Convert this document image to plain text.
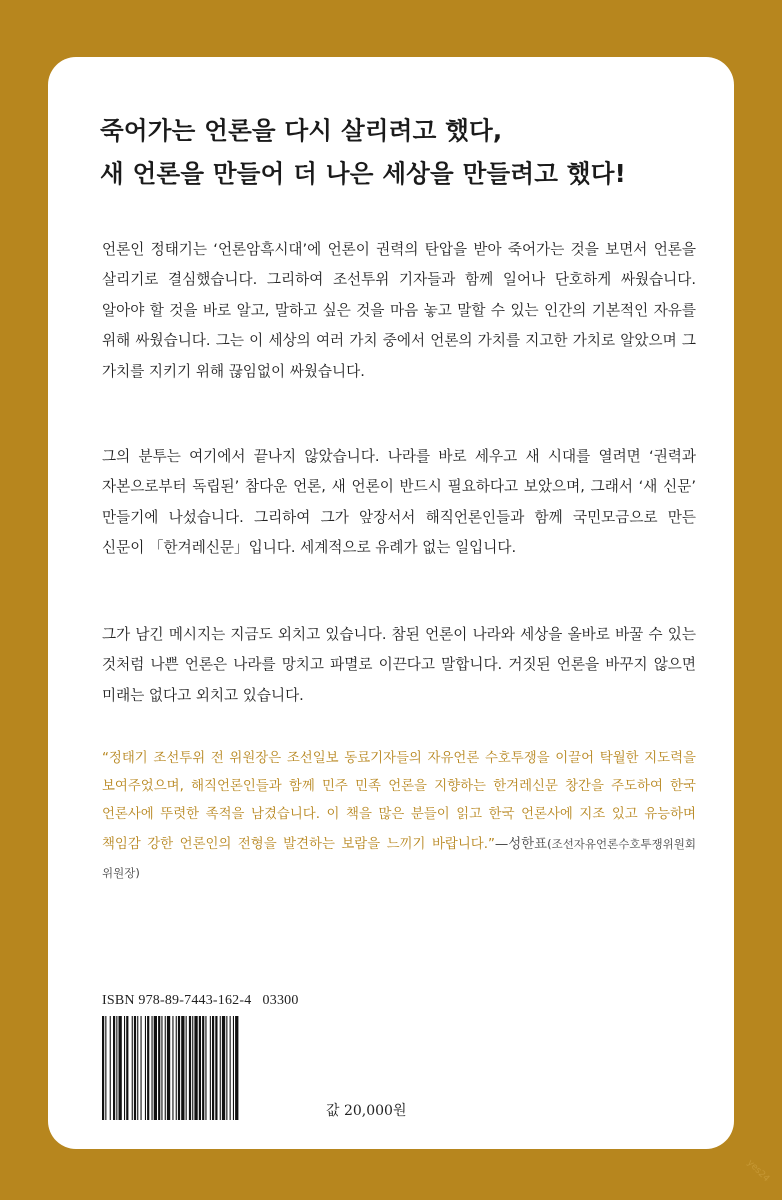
죽어가는 언론을 다시 살리려고 했다,
새 언론을 만들어 더 나은 세상을 만들려고 했다!

언론인 정태기는 ‘언론암흑시대’에 언론이 권력의 탄압을 받아 죽어가는 것을 보면서 언론을 살리기로 결심했습니다. 그리하여 조선투위 기자들과 함께 일어나 단호하게 싸웠습니다. 알아야 할 것을 바로 알고, 말하고 싶은 것을 마음 놓고 말할 수 있는 인간의 기본적인 자유를 위해 싸웠습니다. 그는 이 세상의 여러 가치 중에서 언론의 가치를 지고한 가치로 알았으며 그 가치를 지키기 위해 끊임없이 싸웠습니다.

그의 분투는 여기에서 끝나지 않았습니다. 나라를 바로 세우고 새 시대를 열려면 ‘권력과 자본으로부터 독립된’ 참다운 언론, 새 언론이 반드시 필요하다고 보았으며, 그래서 ‘새 신문’ 만들기에 나섰습니다. 그리하여 그가 앞장서서 해직언론인들과 함께 국민모금으로 만든 신문이 「한겨레신문」입니다. 세계적으로 유례가 없는 일입니다.

그가 남긴 메시지는 지금도 외치고 있습니다. 참된 언론이 나라와 세상을 올바로 바꿀 수 있는 것처럼 나쁜 언론은 나라를 망치고 파멸로 이끈다고 말합니다. 거짓된 언론을 바꾸지 않으면 미래는 없다고 외치고 있습니다.

“정태기 조선투위 전 위원장은 조선일보 동료기자들의 자유언론 수호투쟁을 이끌어 탁월한 지도력을 보여주었으며, 해직언론인들과 함께 민주 민족 언론을 지향하는 한겨레신문 창간을 주도하여 한국 언론사에 뚜렷한 족적을 남겼습니다. 이 책을 많은 분들이 읽고 한국 언론사에 지조 있고 유능하며 책임감 강한 언론인의 전형을 발견하는 보람을 느끼기 바랍니다.”—성한표(조선자유언론수호투쟁위원회 위원장)

ISBN 978-89-7443-162-4   03300
값 20,000원
yes24
